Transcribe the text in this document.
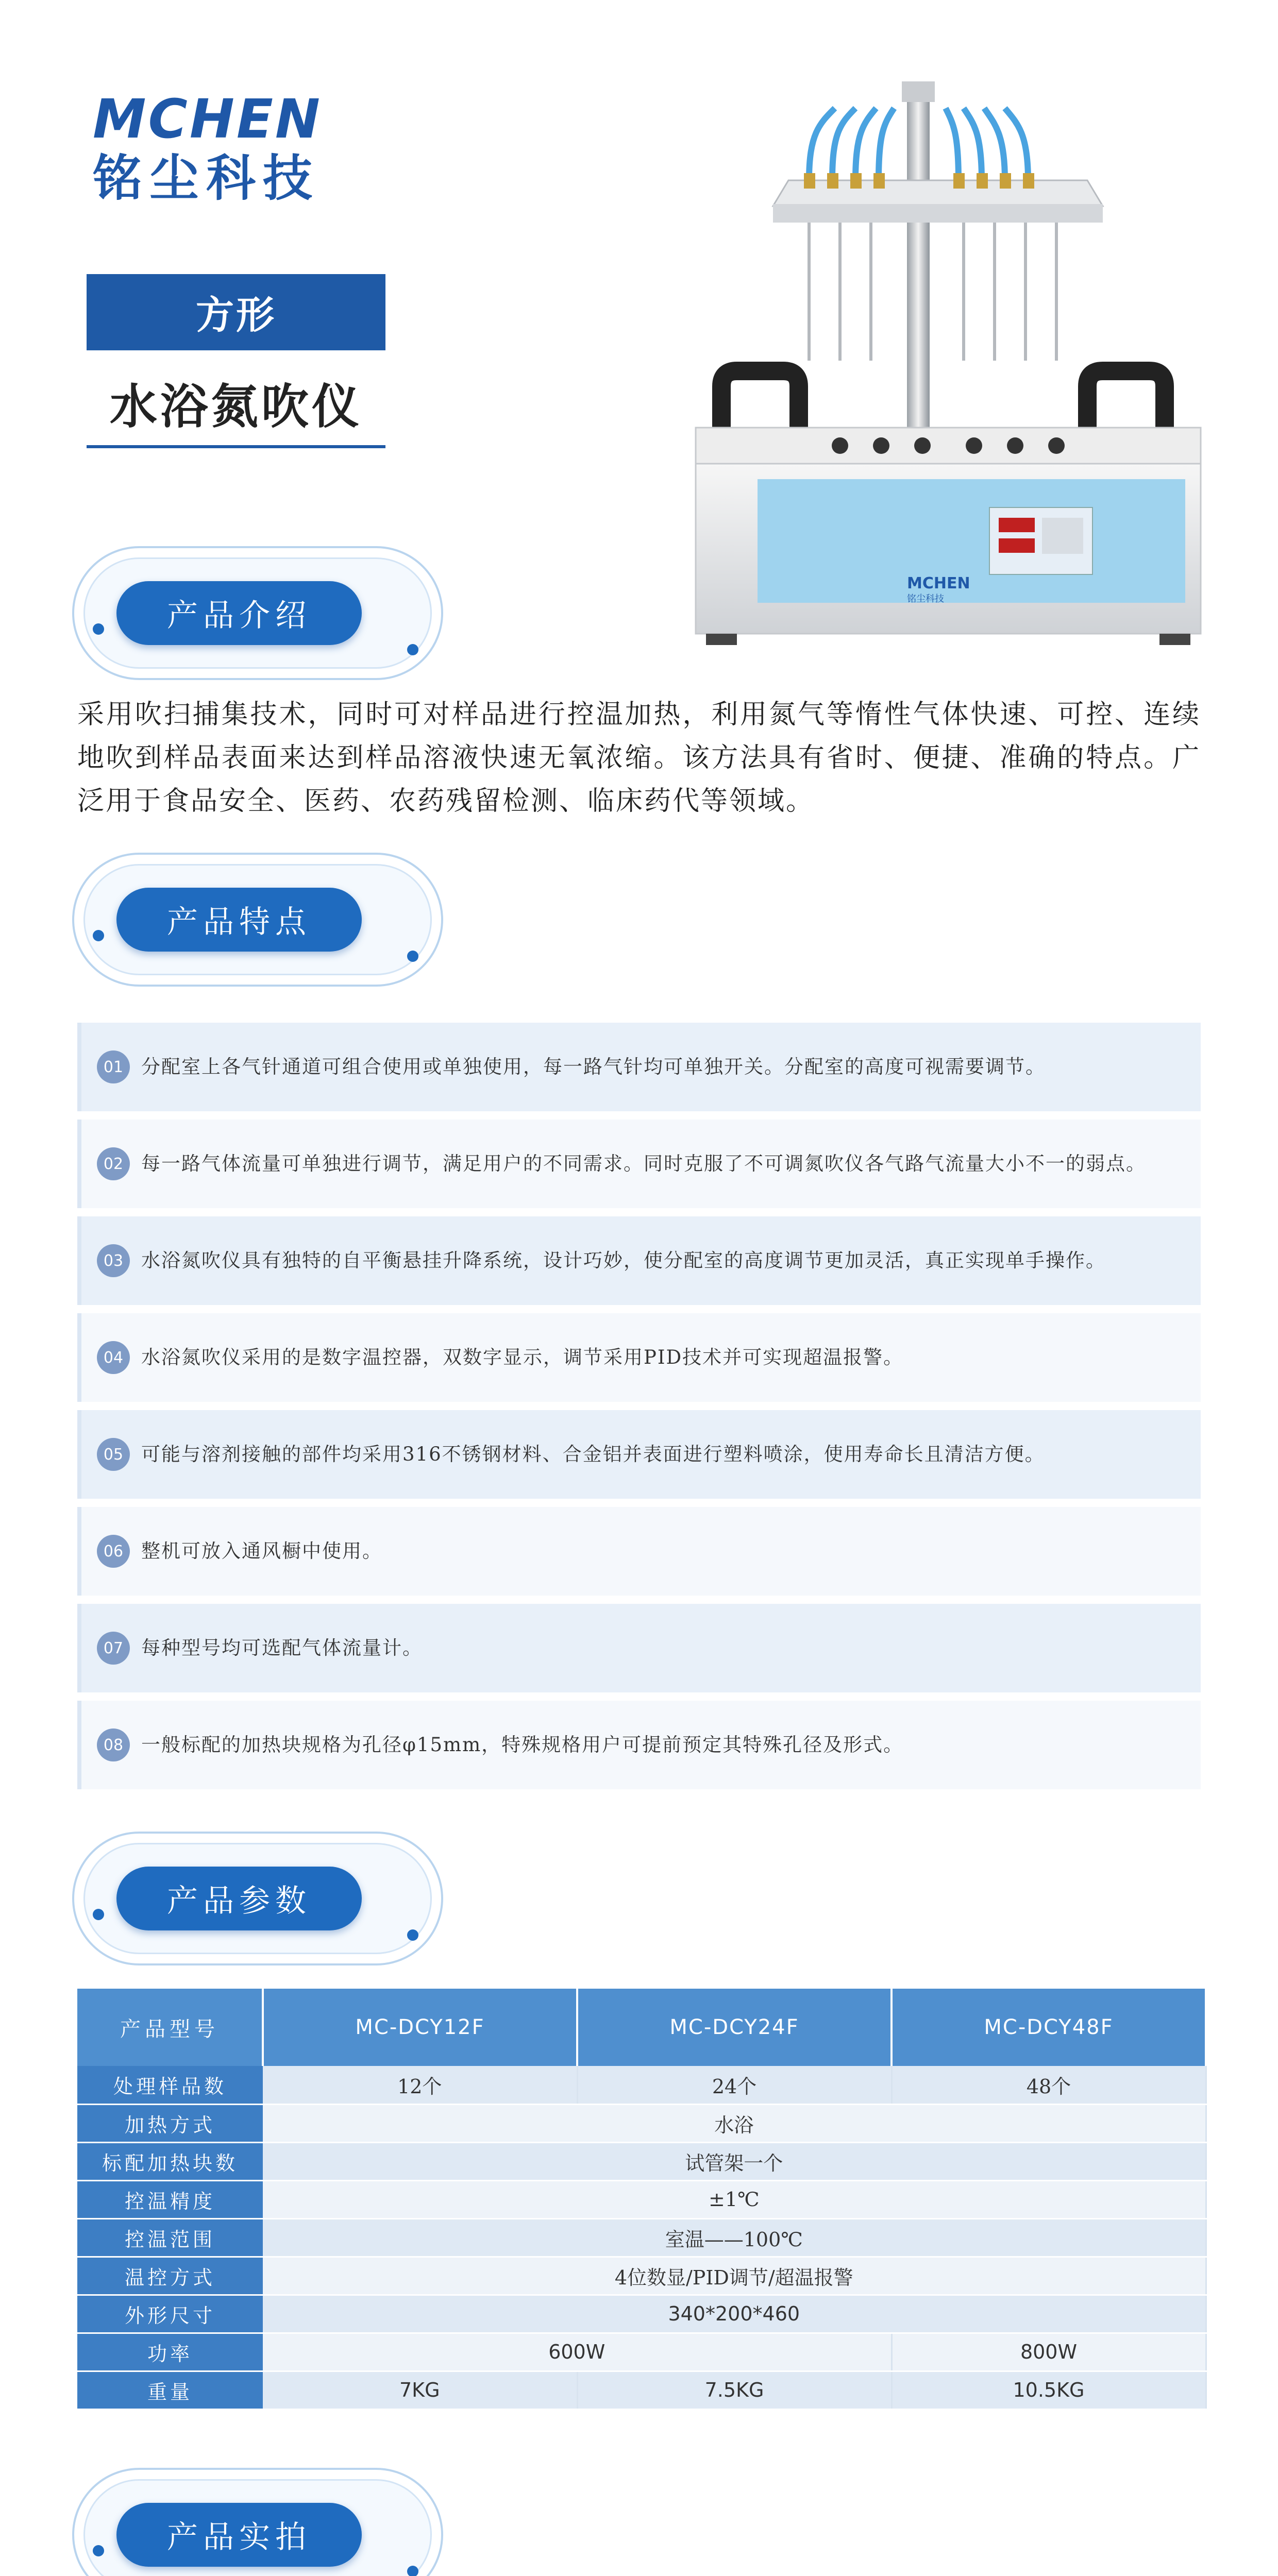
MCHEN
铭尘科技
方形
水浴氮吹仪
MCHEN
铭尘科技
产品介绍
采用吹扫捕集技术，同时可对样品进行控温加热，利用氮气等惰性气体快速、可控、连续地吹到样品表面来达到样品溶液快速无氧浓缩。该方法具有省时、便捷、准确的特点。广泛用于食品安全、医药、农药残留检测、临床药代等领域。
产品特点
01 分配室上各气针通道可组合使用或单独使用，每一路气针均可单独开关。分配室的高度可视需要调节。
02 每一路气体流量可单独进行调节，满足用户的不同需求。同时克服了不可调氮吹仪各气路气流量大小不一的弱点。
03 水浴氮吹仪具有独特的自平衡悬挂升降系统，设计巧妙，使分配室的高度调节更加灵活，真正实现单手操作。
04 水浴氮吹仪采用的是数字温控器，双数字显示，调节采用PID技术并可实现超温报警。
05 可能与溶剂接触的部件均采用316不锈钢材料、合金铝并表面进行塑料喷涂，使用寿命长且清洁方便。
06 整机可放入通风橱中使用。
07 每种型号均可选配气体流量计。
08 一般标配的加热块规格为孔径φ15mm，特殊规格用户可提前预定其特殊孔径及形式。
产品参数
产品型号	MC-DCY12F	MC-DCY24F	MC-DCY48F
处理样品数	12个	24个	48个
加热方式	水浴		
标配加热块数	试管架一个		
控温精度	±1℃		
控温范围	室温——100℃		
温控方式	4位数显/PID调节/超温报警		
外形尺寸	340*200*460		
功率	600W		800W
重量	7KG	7.5KG	10.5KG
产品实拍
